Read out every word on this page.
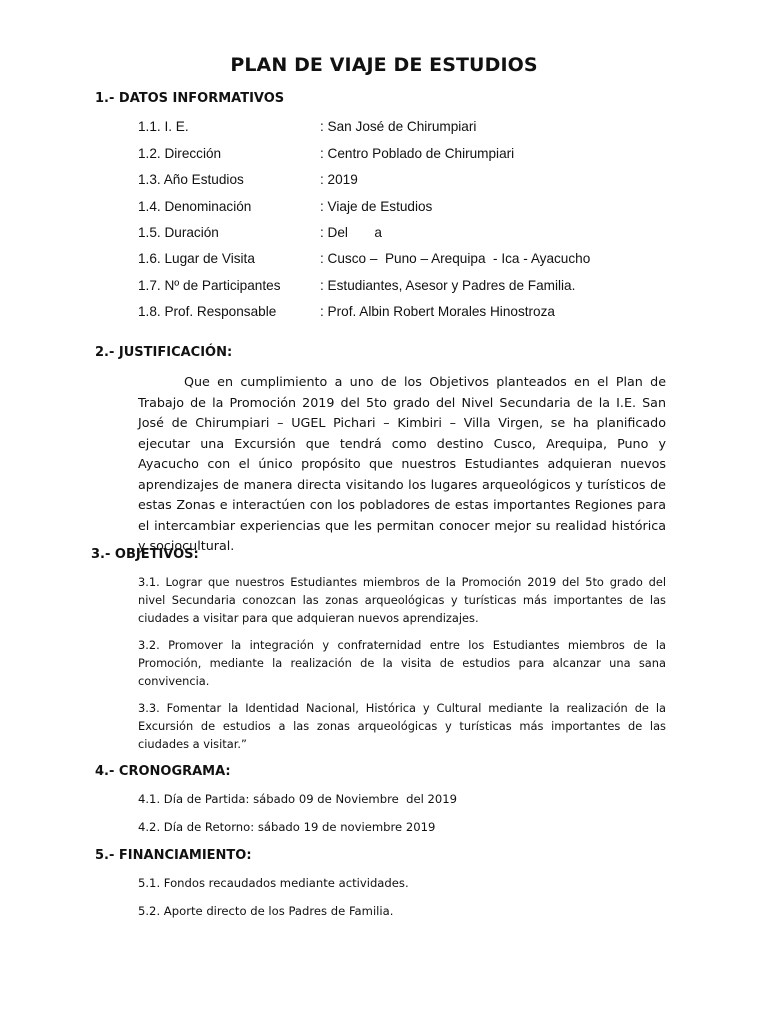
PLAN DE VIAJE DE ESTUDIOS
1.- DATOS INFORMATIVOS
1.1. I. E.	: San José de Chirumpiari
1.2. Dirección	: Centro Poblado de Chirumpiari
1.3. Año Estudios	: 2019
1.4. Denominación	: Viaje de Estudios
1.5. Duración	: Del       a
1.6. Lugar de Visita	: Cusco –  Puno – Arequipa  - Ica - Ayacucho
1.7. Nº de Participantes	: Estudiantes, Asesor y Padres de Familia.
1.8. Prof. Responsable	: Prof. Albin Robert Morales Hinostroza
2.- JUSTIFICACIÓN:
Que en cumplimiento a uno de los Objetivos planteados en el Plan de Trabajo de la Promoción 2019 del 5to grado del Nivel Secundaria de la I.E. San José de Chirumpiari – UGEL Pichari – Kimbiri – Villa Virgen, se ha planificado ejecutar una Excursión que tendrá como destino Cusco, Arequipa, Puno y Ayacucho con el único propósito que nuestros Estudiantes adquieran nuevos aprendizajes de manera directa visitando los lugares arqueológicos y turísticos de estas Zonas e interactúen con los pobladores de estas importantes Regiones para el intercambiar experiencias que les permitan conocer mejor su realidad histórica y sociocultural.
3.- OBJETIVOS:
3.1. Lograr que nuestros Estudiantes miembros de la Promoción 2019 del 5to grado del nivel Secundaria conozcan las zonas arqueológicas y turísticas más importantes de las ciudades a visitar para que adquieran nuevos aprendizajes.
3.2. Promover la integración y confraternidad entre los Estudiantes miembros de la Promoción, mediante la realización de la visita de estudios para alcanzar una sana convivencia.
3.3. Fomentar la Identidad Nacional, Histórica y Cultural mediante la realización de la Excursión de estudios a las zonas arqueológicas y turísticas más importantes de las ciudades a visitar.”
4.- CRONOGRAMA:
4.1. Día de Partida: sábado 09 de Noviembre  del 2019
4.2. Día de Retorno: sábado 19 de noviembre 2019
5.- FINANCIAMIENTO:
5.1. Fondos recaudados mediante actividades.
5.2. Aporte directo de los Padres de Familia.
